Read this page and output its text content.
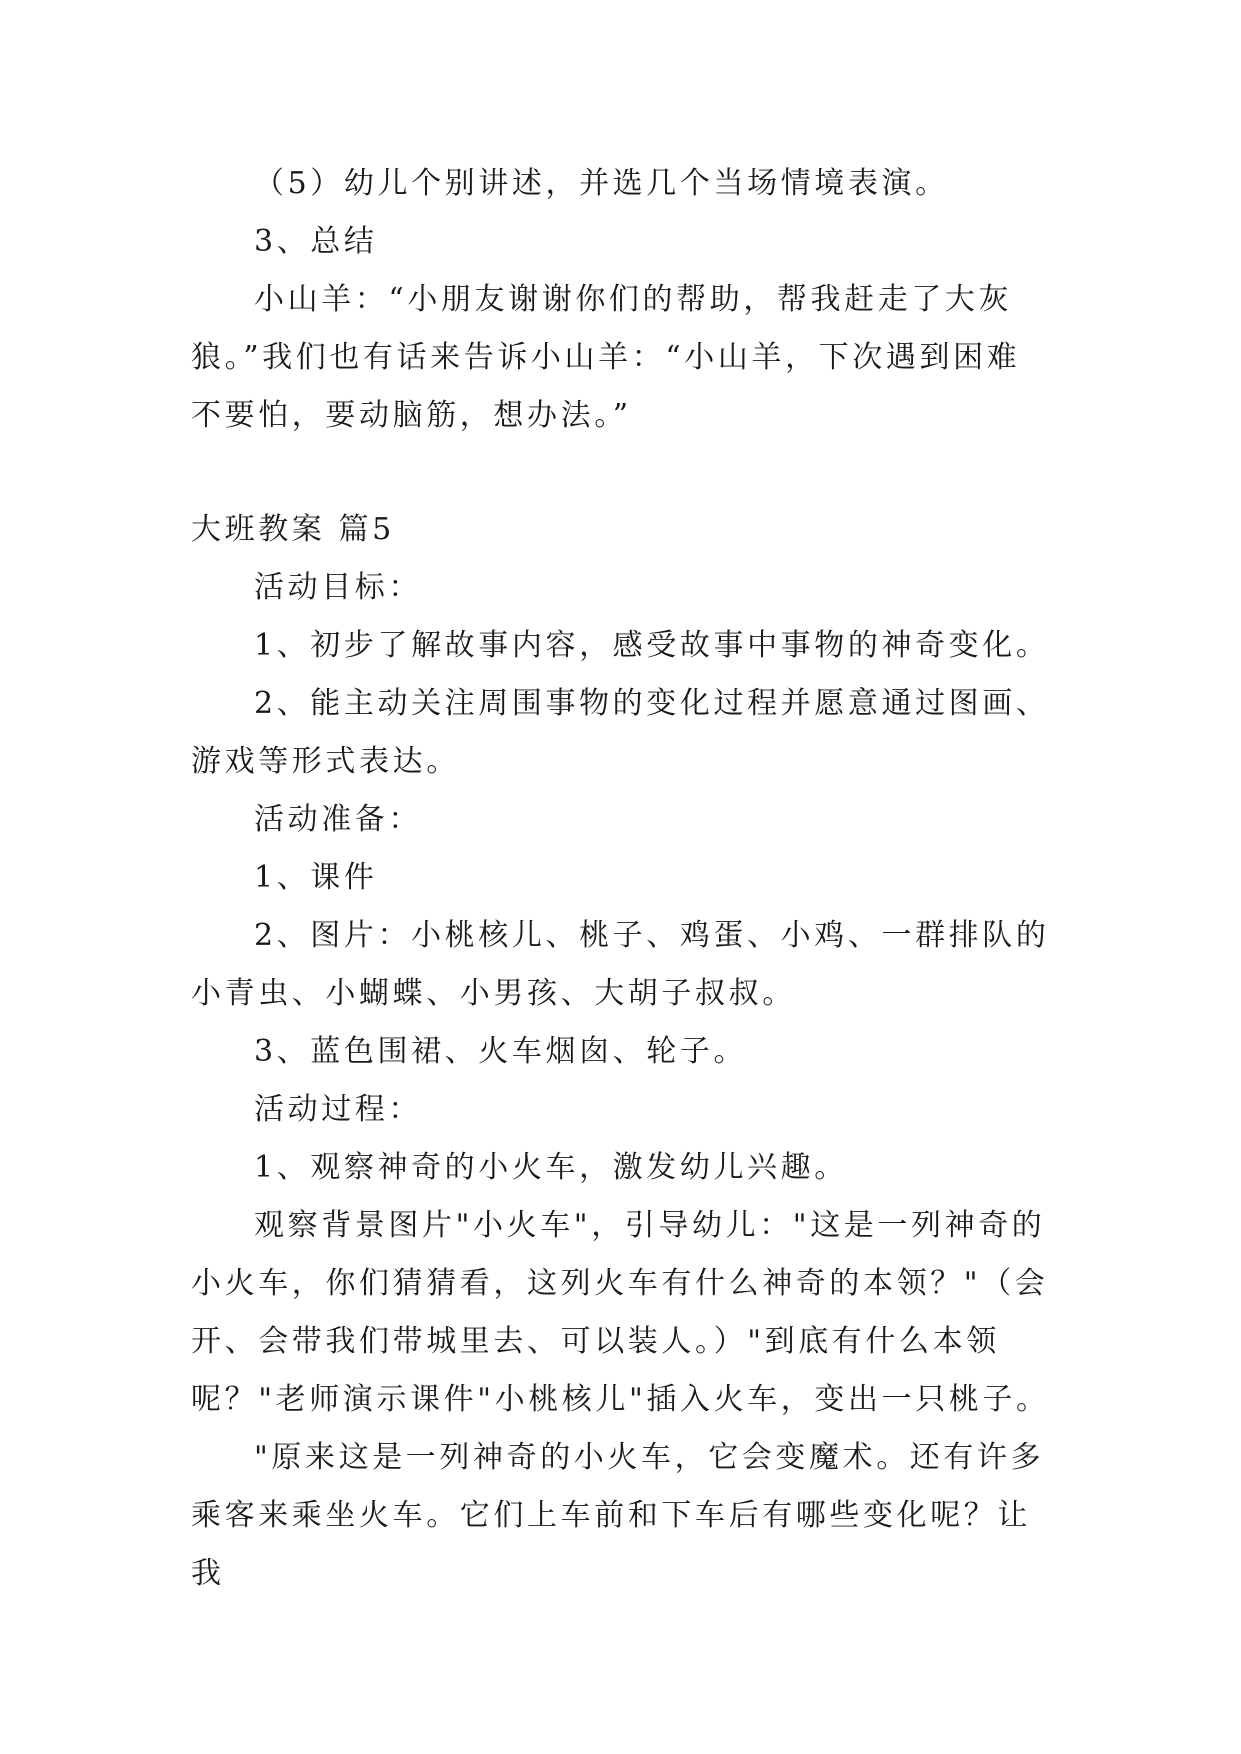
（5）幼儿个别讲述，并选几个当场情境表演。

3、总结

小山羊：“小朋友谢谢你们的帮助，帮我赶走了大灰狼。”我们也有话来告诉小山羊：“小山羊，下次遇到困难不要怕，要动脑筋，想办法。”

大班教案 篇5

活动目标：

1、初步了解故事内容，感受故事中事物的神奇变化。

2、能主动关注周围事物的变化过程并愿意通过图画、游戏等形式表达。

活动准备：

1、课件

2、图片：小桃核儿、桃子、鸡蛋、小鸡、一群排队的小青虫、小蝴蝶、小男孩、大胡子叔叔。

3、蓝色围裙、火车烟囱、轮子。

活动过程：

1、观察神奇的小火车，激发幼儿兴趣。

观察背景图片"小火车"，引导幼儿："这是一列神奇的小火车，你们猜猜看，这列火车有什么神奇的本领？"（会开、会带我们带城里去、可以装人。）"到底有什么本领呢？"老师演示课件"小桃核儿"插入火车，变出一只桃子。

"原来这是一列神奇的小火车，它会变魔术。还有许多乘客来乘坐火车。它们上车前和下车后有哪些变化呢？让我
